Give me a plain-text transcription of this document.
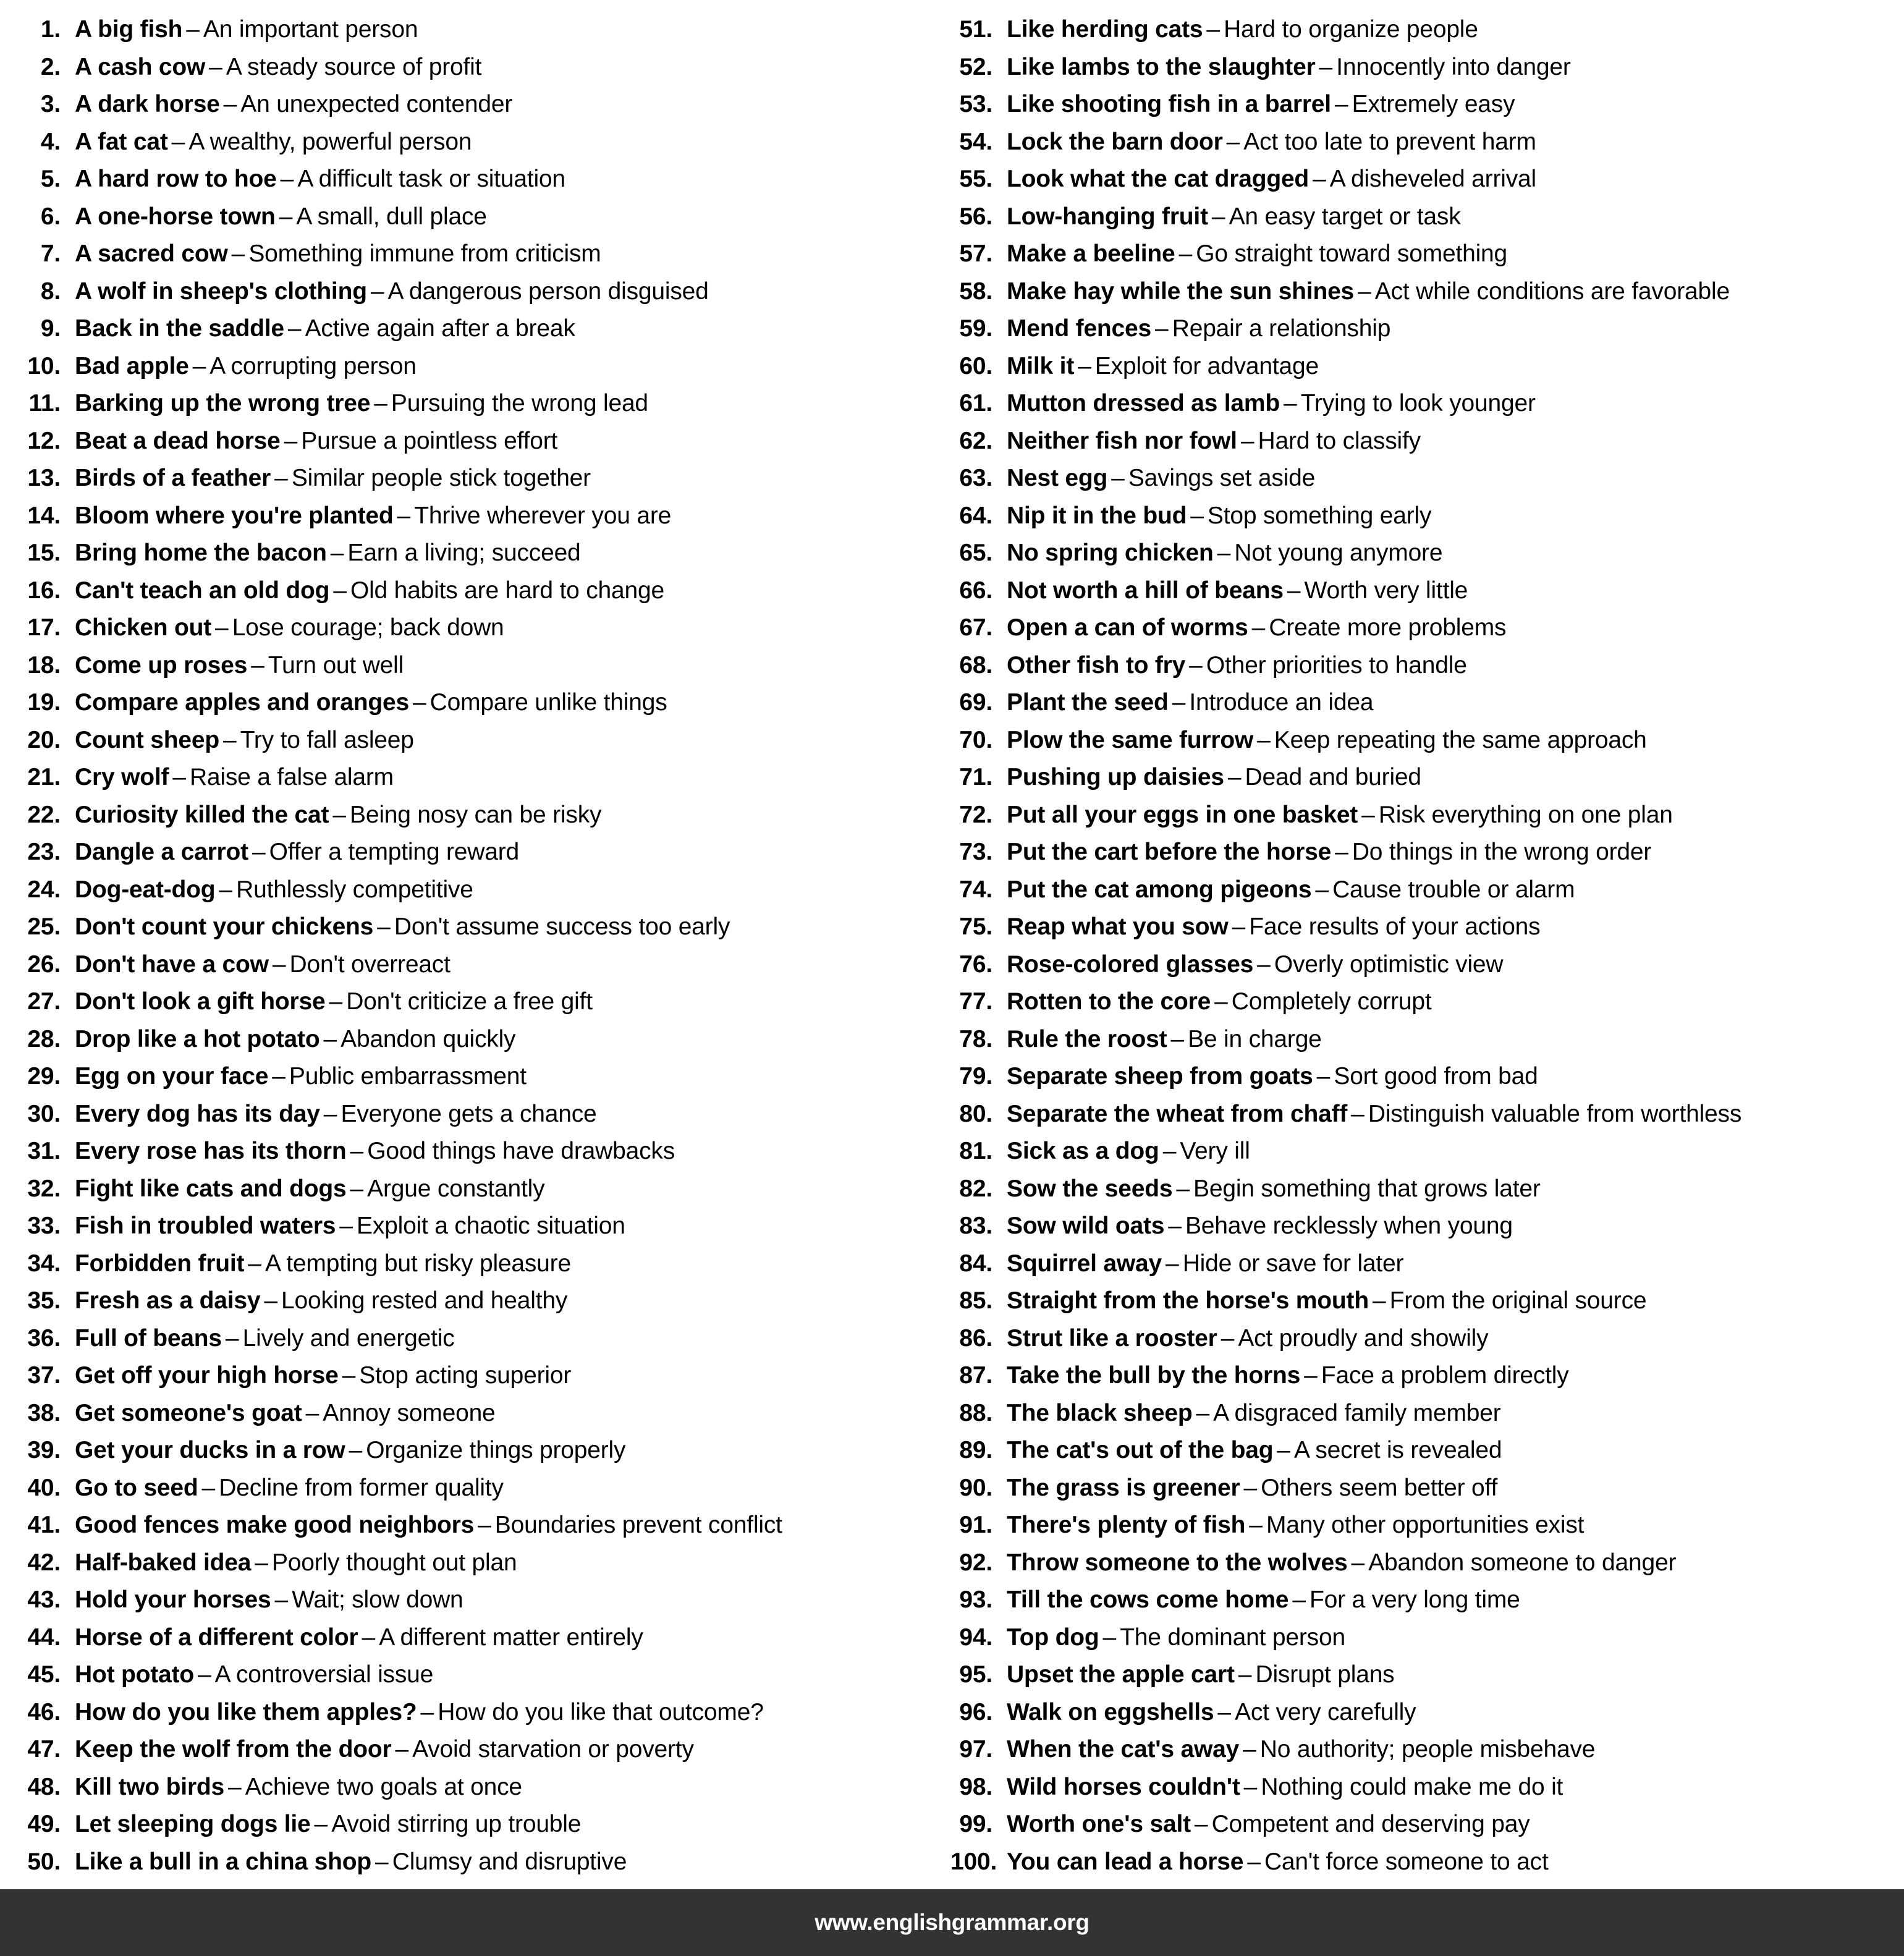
1. A big fish – An important person
2. A cash cow – A steady source of profit
3. A dark horse – An unexpected contender
4. A fat cat – A wealthy, powerful person
5. A hard row to hoe – A difficult task or situation
6. A one-horse town – A small, dull place
7. A sacred cow – Something immune from criticism
8. A wolf in sheep's clothing – A dangerous person disguised
9. Back in the saddle – Active again after a break
10. Bad apple – A corrupting person
11. Barking up the wrong tree – Pursuing the wrong lead
12. Beat a dead horse – Pursue a pointless effort
13. Birds of a feather – Similar people stick together
14. Bloom where you're planted – Thrive wherever you are
15. Bring home the bacon – Earn a living; succeed
16. Can't teach an old dog – Old habits are hard to change
17. Chicken out – Lose courage; back down
18. Come up roses – Turn out well
19. Compare apples and oranges – Compare unlike things
20. Count sheep – Try to fall asleep
21. Cry wolf – Raise a false alarm
22. Curiosity killed the cat – Being nosy can be risky
23. Dangle a carrot – Offer a tempting reward
24. Dog-eat-dog – Ruthlessly competitive
25. Don't count your chickens – Don't assume success too early
26. Don't have a cow – Don't overreact
27. Don't look a gift horse – Don't criticize a free gift
28. Drop like a hot potato – Abandon quickly
29. Egg on your face – Public embarrassment
30. Every dog has its day – Everyone gets a chance
31. Every rose has its thorn – Good things have drawbacks
32. Fight like cats and dogs – Argue constantly
33. Fish in troubled waters – Exploit a chaotic situation
34. Forbidden fruit – A tempting but risky pleasure
35. Fresh as a daisy – Looking rested and healthy
36. Full of beans – Lively and energetic
37. Get off your high horse – Stop acting superior
38. Get someone's goat – Annoy someone
39. Get your ducks in a row – Organize things properly
40. Go to seed – Decline from former quality
41. Good fences make good neighbors – Boundaries prevent conflict
42. Half-baked idea – Poorly thought out plan
43. Hold your horses – Wait; slow down
44. Horse of a different color – A different matter entirely
45. Hot potato – A controversial issue
46. How do you like them apples? – How do you like that outcome?
47. Keep the wolf from the door – Avoid starvation or poverty
48. Kill two birds – Achieve two goals at once
49. Let sleeping dogs lie – Avoid stirring up trouble
50. Like a bull in a china shop – Clumsy and disruptive
51. Like herding cats – Hard to organize people
52. Like lambs to the slaughter – Innocently into danger
53. Like shooting fish in a barrel – Extremely easy
54. Lock the barn door – Act too late to prevent harm
55. Look what the cat dragged – A disheveled arrival
56. Low-hanging fruit – An easy target or task
57. Make a beeline – Go straight toward something
58. Make hay while the sun shines – Act while conditions are favorable
59. Mend fences – Repair a relationship
60. Milk it – Exploit for advantage
61. Mutton dressed as lamb – Trying to look younger
62. Neither fish nor fowl – Hard to classify
63. Nest egg – Savings set aside
64. Nip it in the bud – Stop something early
65. No spring chicken – Not young anymore
66. Not worth a hill of beans – Worth very little
67. Open a can of worms – Create more problems
68. Other fish to fry – Other priorities to handle
69. Plant the seed – Introduce an idea
70. Plow the same furrow – Keep repeating the same approach
71. Pushing up daisies – Dead and buried
72. Put all your eggs in one basket – Risk everything on one plan
73. Put the cart before the horse – Do things in the wrong order
74. Put the cat among pigeons – Cause trouble or alarm
75. Reap what you sow – Face results of your actions
76. Rose-colored glasses – Overly optimistic view
77. Rotten to the core – Completely corrupt
78. Rule the roost – Be in charge
79. Separate sheep from goats – Sort good from bad
80. Separate the wheat from chaff – Distinguish valuable from worthless
81. Sick as a dog – Very ill
82. Sow the seeds – Begin something that grows later
83. Sow wild oats – Behave recklessly when young
84. Squirrel away – Hide or save for later
85. Straight from the horse's mouth – From the original source
86. Strut like a rooster – Act proudly and showily
87. Take the bull by the horns – Face a problem directly
88. The black sheep – A disgraced family member
89. The cat's out of the bag – A secret is revealed
90. The grass is greener – Others seem better off
91. There's plenty of fish – Many other opportunities exist
92. Throw someone to the wolves – Abandon someone to danger
93. Till the cows come home – For a very long time
94. Top dog – The dominant person
95. Upset the apple cart – Disrupt plans
96. Walk on eggshells – Act very carefully
97. When the cat's away – No authority; people misbehave
98. Wild horses couldn't – Nothing could make me do it
99. Worth one's salt – Competent and deserving pay
100. You can lead a horse – Can't force someone to act
www.englishgrammar.org
